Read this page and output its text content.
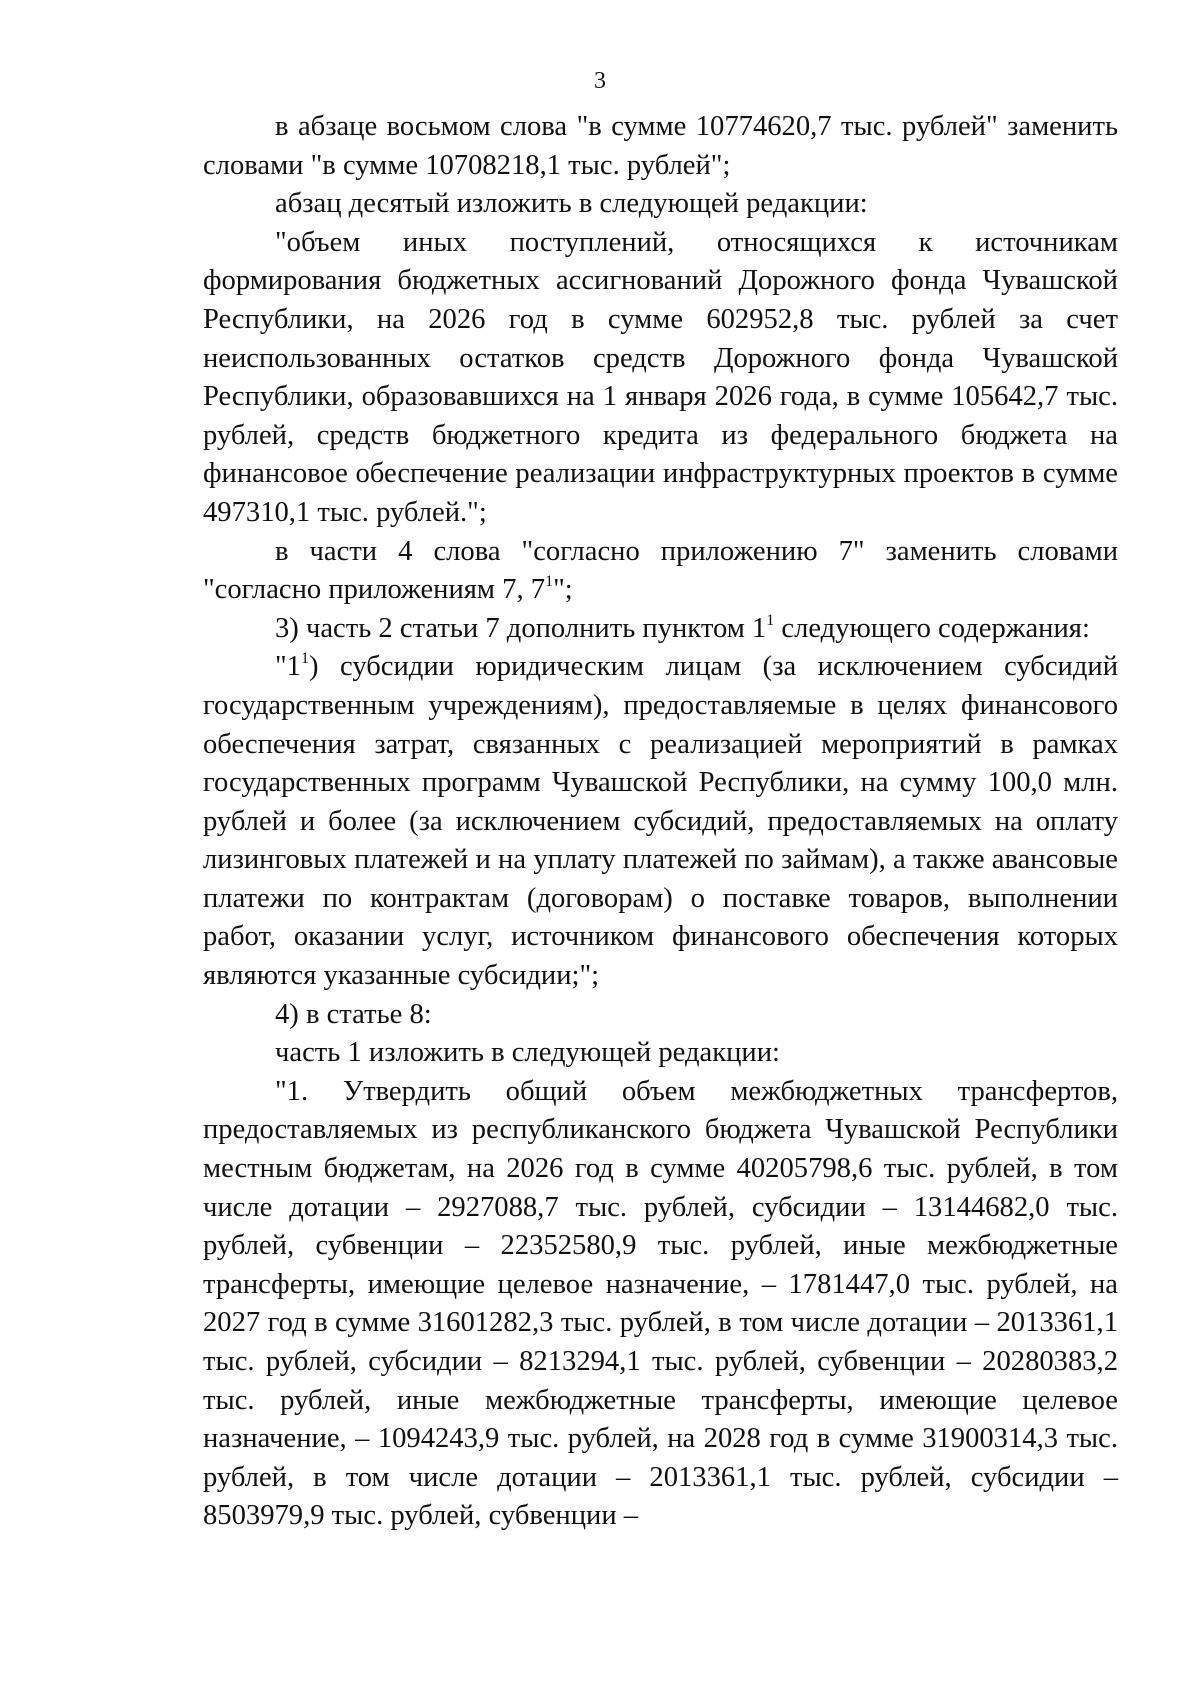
3

в абзаце восьмом слова "в сумме 10774620,7 тыс. рублей" заменить словами "в сумме 10708218,1 тыс. рублей";

абзац десятый изложить в следующей редакции:

"объем иных поступлений, относящихся к источникам формирования бюджетных ассигнований Дорожного фонда Чувашской Республики, на 2026 год в сумме 602952,8 тыс. рублей за счет неиспользованных остатков средств Дорожного фонда Чувашской Республики, образовавшихся на 1 января 2026 года, в сумме 105642,7 тыс. рублей, средств бюджетного кредита из федерального бюджета на финансовое обеспечение реализации инфраструктурных проектов в сумме 497310,1 тыс. рублей.";

в части 4 слова "согласно приложению 7" заменить словами "согласно приложениям 7, $7^1$";

3) часть 2 статьи 7 дополнить пунктом $1^1$ следующего содержания:

"$1^1$) субсидии юридическим лицам (за исключением субсидий государственным учреждениям), предоставляемые в целях финансового обеспечения затрат, связанных с реализацией мероприятий в рамках государственных программ Чувашской Республики, на сумму 100,0 млн. рублей и более (за исключением субсидий, предоставляемых на оплату лизинговых платежей и на уплату платежей по займам), а также авансовые платежи по контрактам (договорам) о поставке товаров, выполнении работ, оказании услуг, источником финансового обеспечения которых являются указанные субсидии;";

4) в статье 8:

часть 1 изложить в следующей редакции:

"1. Утвердить общий объем межбюджетных трансфертов, предоставляемых из республиканского бюджета Чувашской Республики местным бюджетам, на 2026 год в сумме 40205798,6 тыс. рублей, в том числе дотации – 2927088,7 тыс. рублей, субсидии – 13144682,0 тыс. рублей, субвенции – 22352580,9 тыс. рублей, иные межбюджетные трансферты, имеющие целевое назначение, – 1781447,0 тыс. рублей, на 2027 год в сумме 31601282,3 тыс. рублей, в том числе дотации – 2013361,1 тыс. рублей, субсидии – 8213294,1 тыс. рублей, субвенции – 20280383,2 тыс. рублей, иные межбюджетные трансферты, имеющие целевое назначение, – 1094243,9 тыс. рублей, на 2028 год в сумме 31900314,3 тыс. рублей, в том числе дотации – 2013361,1 тыс. рублей, субсидии – 8503979,9 тыс. рублей, субвенции –
